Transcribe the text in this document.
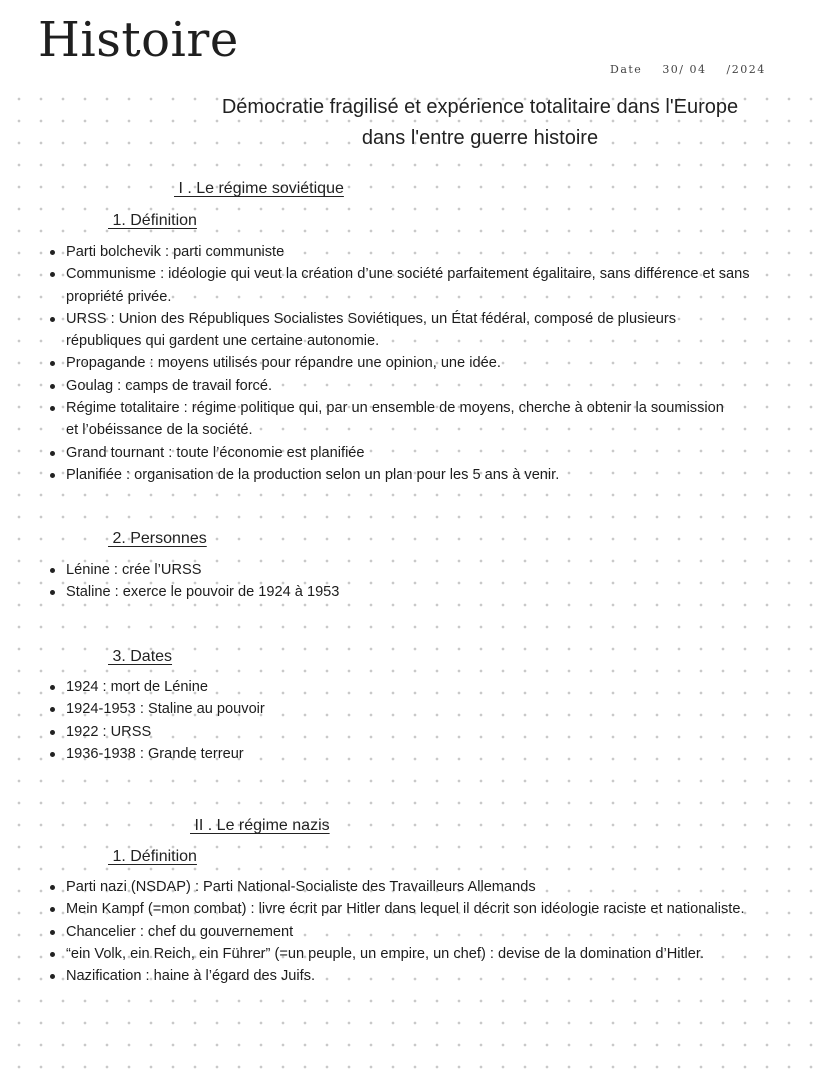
Histoire
Date 30/ 04 /2024
Démocratie fragilisé et expérience totalitaire dans l'Europe
dans l'entre guerre histoire
I . Le régime soviétique
1. Définition
Parti bolchevik : parti communiste
Communisme : idéologie qui veut la création d’une société parfaitement égalitaire, sans différence et sans propriété privée.
URSS : Union des Républiques Socialistes Soviétiques, un État fédéral, composé de plusieurs républiques qui gardent une certaine autonomie.
Propagande : moyens utilisés pour répandre une opinion, une idée.
Goulag : camps de travail forcé.
Régime totalitaire : régime politique qui, par un ensemble de moyens, cherche à obtenir la soumission et l’obéissance de la société.
Grand tournant : toute l’économie est planifiée
Planifiée : organisation de la production selon un plan pour les 5 ans à venir.
2. Personnes
Lénine : crée l’URSS
Staline : exerce le pouvoir de 1924 à 1953
3. Dates
1924 : mort de Lénine
1924-1953 : Staline au pouvoir
1922 : URSS
1936-1938 : Grande terreur
II . Le régime nazis
1. Définition
Parti nazi (NSDAP) : Parti National-Socialiste des Travailleurs Allemands
Mein Kampf (=mon combat) : livre écrit par Hitler dans lequel il décrit son idéologie raciste et nationaliste.
Chancelier : chef du gouvernement
“ein Volk, ein Reich, ein Führer” (=un peuple, un empire, un chef) : devise de la domination d’Hitler.
Nazification : haine à l’égard des Juifs.
